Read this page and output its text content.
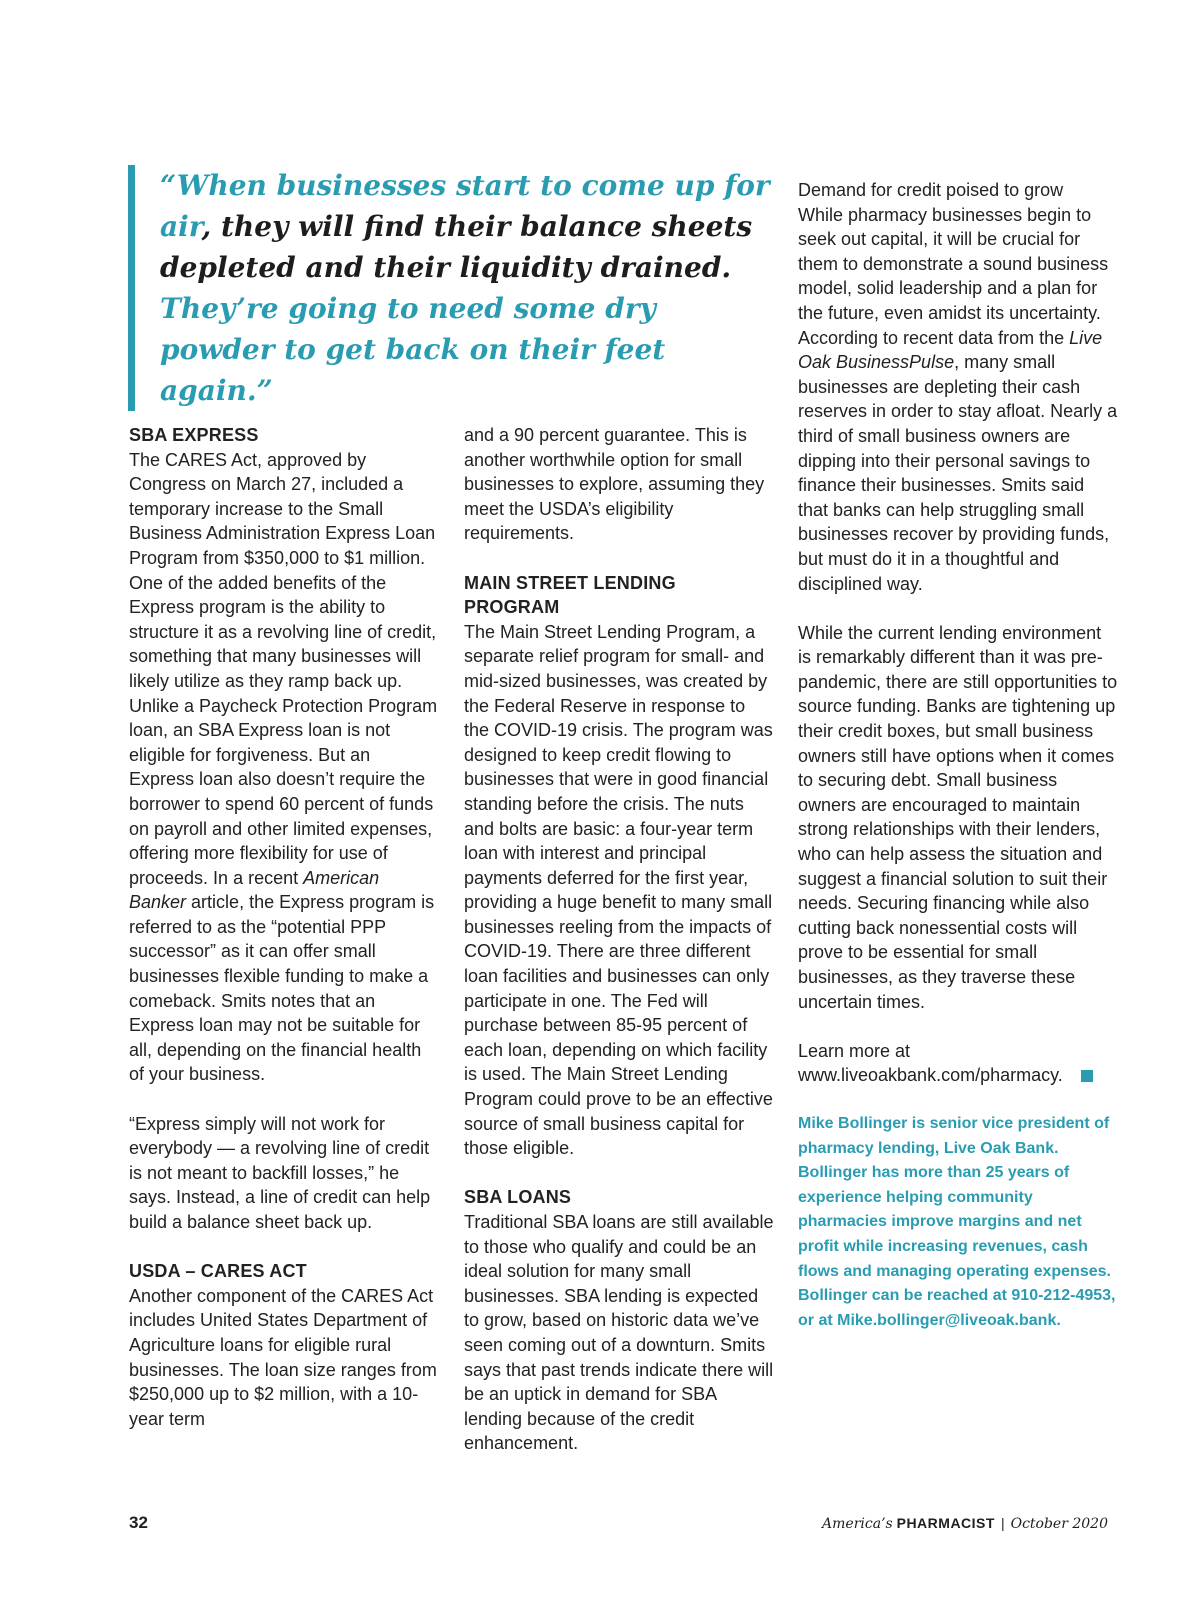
“When businesses start to come up for air, they will find their balance sheets depleted and their liquidity drained. They’re going to need some dry powder to get back on their feet again.”
SBA EXPRESS

The CARES Act, approved by Congress on March 27, included a temporary increase to the Small Business Administration Express Loan Program from $350,000 to $1 million. One of the added benefits of the Express program is the ability to structure it as a revolving line of credit, something that many businesses will likely utilize as they ramp back up. Unlike a Paycheck Protection Program loan, an SBA Express loan is not eligible for forgiveness. But an Express loan also doesn’t require the borrower to spend 60 percent of funds on payroll and other limited expenses, offering more flexibility for use of proceeds. In a recent American Banker article, the Express program is referred to as the “potential PPP successor” as it can offer small businesses flexible funding to make a comeback. Smits notes that an Express loan may not be suitable for all, depending on the financial health of your business.

“Express simply will not work for everybody — a revolving line of credit is not meant to backfill losses,” he says. Instead, a line of credit can help build a balance sheet back up.

USDA – CARES ACT

Another component of the CARES Act includes United States Department of Agriculture loans for eligible rural businesses. The loan size ranges from $250,000 up to $2 million, with a 10-year term

and a 90 percent guarantee. This is another worthwhile option for small businesses to explore, assuming they meet the USDA’s eligibility requirements.

MAIN STREET LENDING PROGRAM

The Main Street Lending Program, a separate relief program for small- and mid-sized businesses, was created by the Federal Reserve in response to the COVID-19 crisis. The program was designed to keep credit flowing to businesses that were in good financial standing before the crisis. The nuts and bolts are basic: a four-year term loan with interest and principal payments deferred for the first year, providing a huge benefit to many small businesses reeling from the impacts of COVID-19. There are three different loan facilities and businesses can only participate in one. The Fed will purchase between 85-95 percent of each loan, depending on which facility is used. The Main Street Lending Program could prove to be an effective source of small business capital for those eligible.

SBA LOANS

Traditional SBA loans are still available to those who qualify and could be an ideal solution for many small businesses. SBA lending is expected to grow, based on historic data we’ve seen coming out of a downturn. Smits says that past trends indicate there will be an uptick in demand for SBA lending because of the credit enhancement.

Demand for credit poised to grow

While pharmacy businesses begin to seek out capital, it will be crucial for them to demonstrate a sound business model, solid leadership and a plan for the future, even amidst its uncertainty. According to recent data from the Live Oak BusinessPulse, many small businesses are depleting their cash reserves in order to stay afloat. Nearly a third of small business owners are dipping into their personal savings to finance their businesses. Smits said that banks can help struggling small businesses recover by providing funds, but must do it in a thoughtful and disciplined way.

While the current lending environment is remarkably different than it was pre-pandemic, there are still opportunities to source funding. Banks are tightening up their credit boxes, but small business owners still have options when it comes to securing debt. Small business owners are encouraged to maintain strong relationships with their lenders, who can help assess the situation and suggest a financial solution to suit their needs. Securing financing while also cutting back nonessential costs will prove to be essential for small businesses, as they traverse these uncertain times.

Learn more at www.liveoakbank.com/pharmacy.

Mike Bollinger is senior vice president of pharmacy lending, Live Oak Bank. Bollinger has more than 25 years of experience helping community pharmacies improve margins and net profit while increasing revenues, cash flows and managing operating expenses. Bollinger can be reached at 910-212-4953, or at Mike.bollinger@liveoak.bank.
32	America’s PHARMACIST | October 2020
